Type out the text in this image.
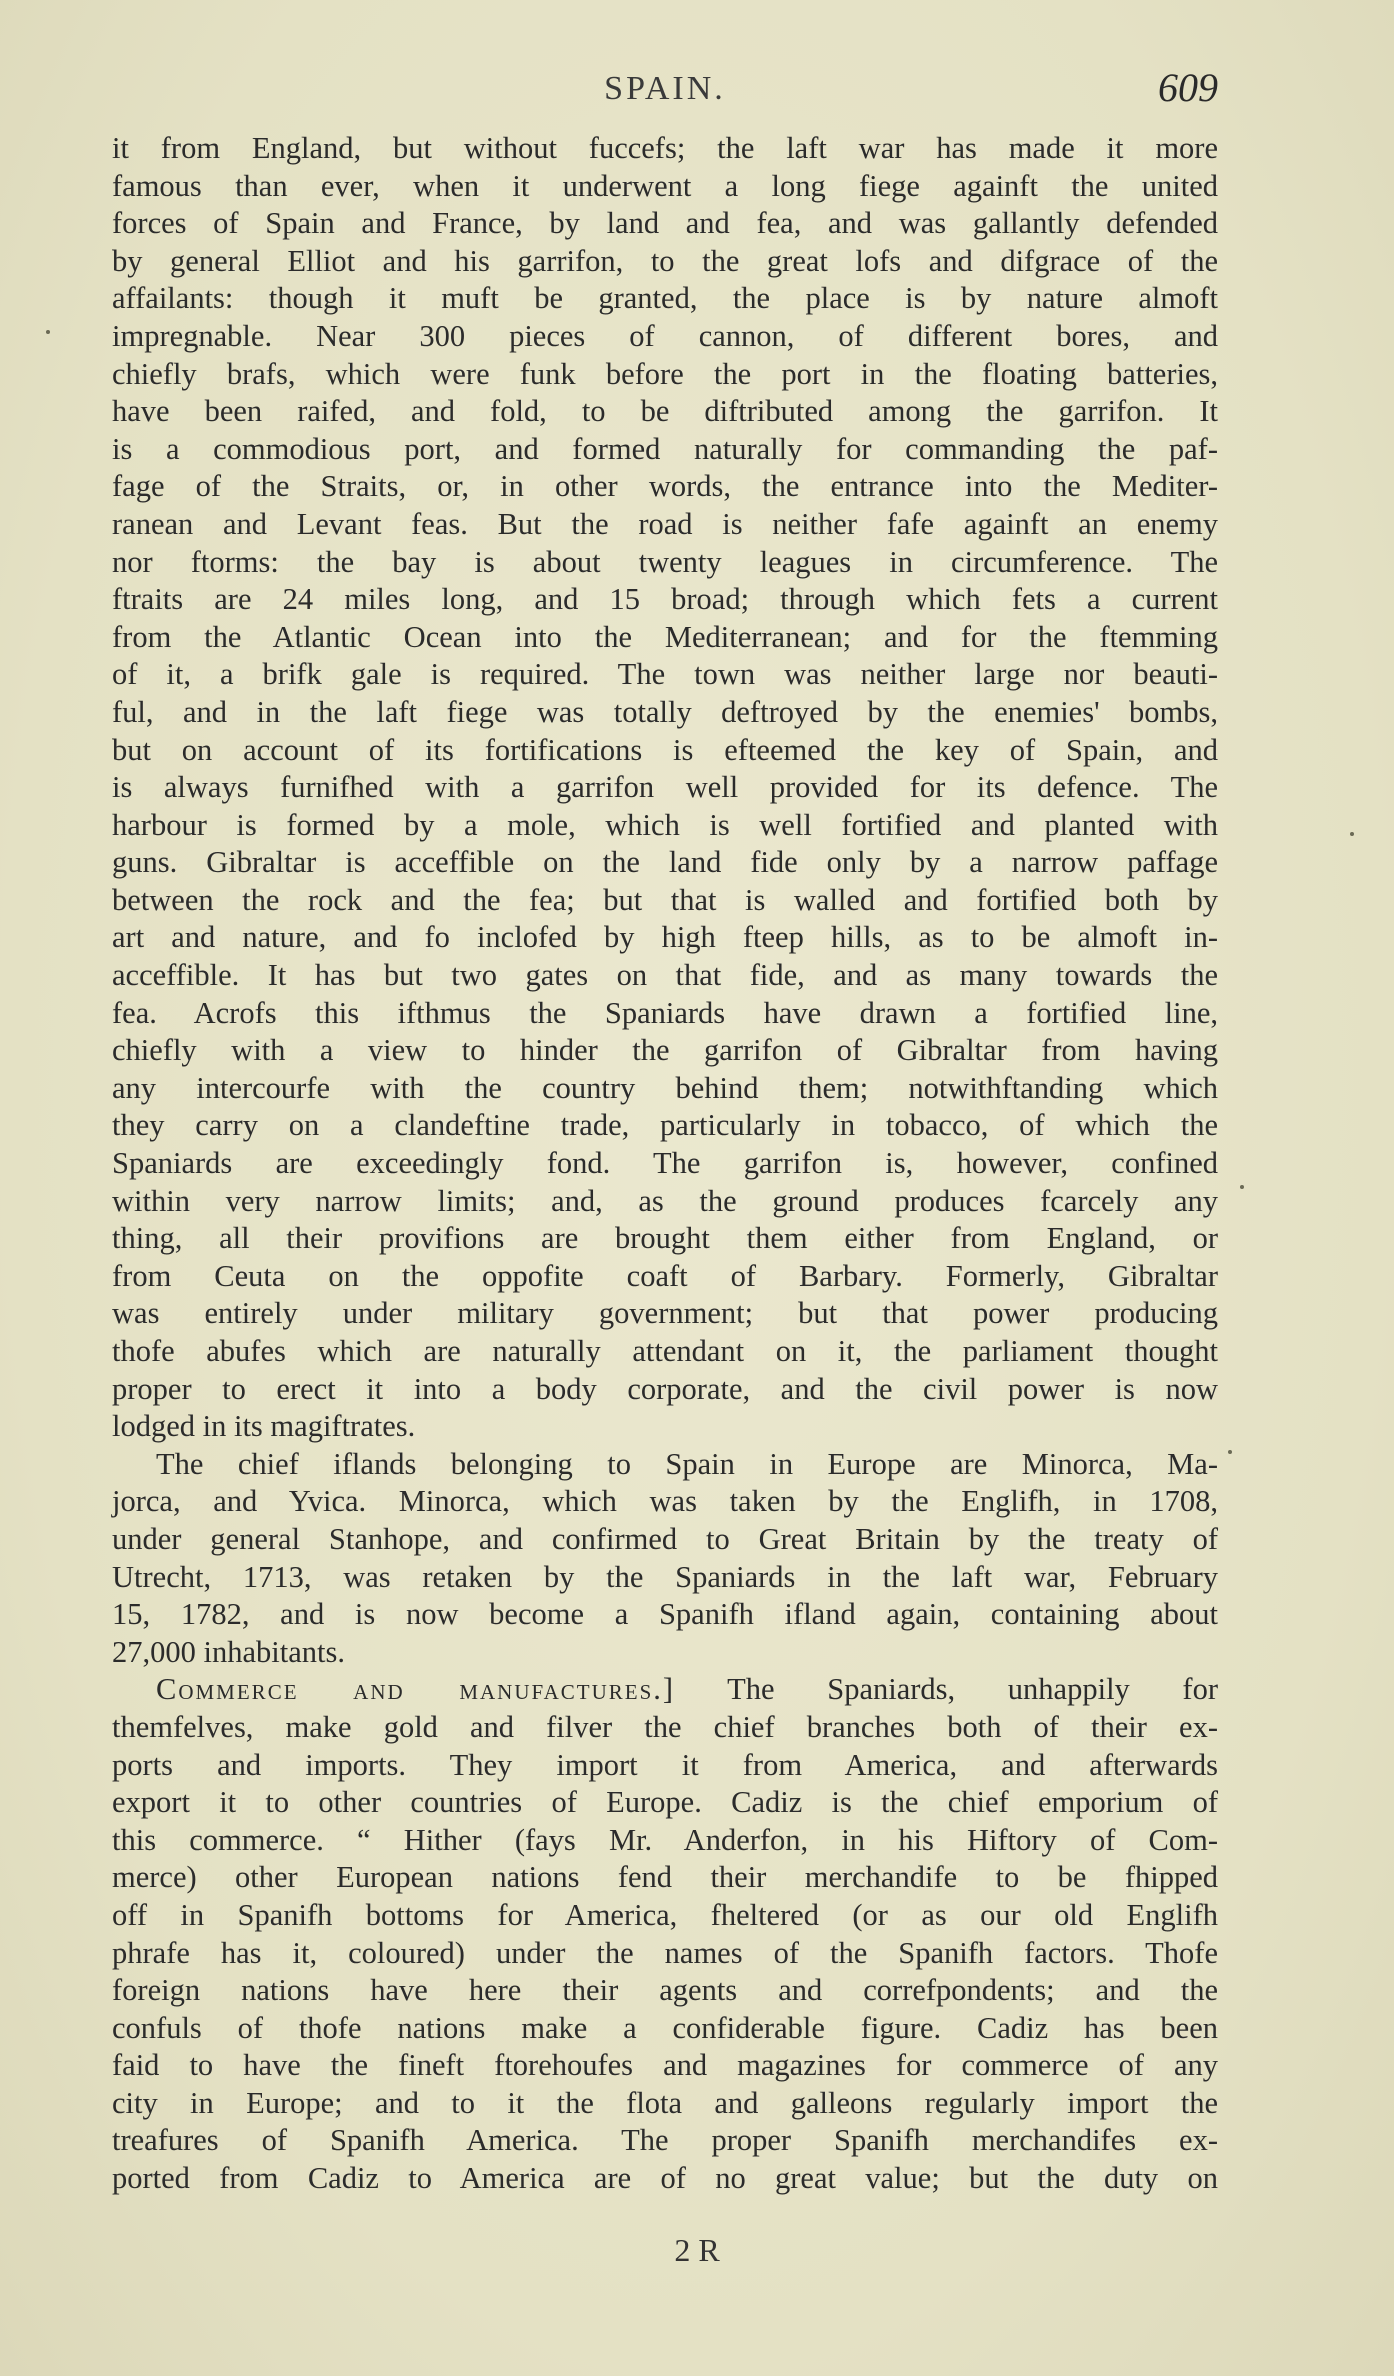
SPAIN.	609
it from England, but without fuccefs; the laft war has made it more
famous than ever, when it underwent a long fiege againft the united
forces of Spain and France, by land and fea, and was gallantly defended
by general Elliot and his garrifon, to the great lofs and difgrace of the
affailants: though it muft be granted, the place is by nature almoft
impregnable. Near 300 pieces of cannon, of different bores, and
chiefly brafs, which were funk before the port in the floating batteries,
have been raifed, and fold, to be diftributed among the garrifon. It
is a commodious port, and formed naturally for commanding the paf-
fage of the Straits, or, in other words, the entrance into the Mediter-
ranean and Levant feas. But the road is neither fafe againft an enemy
nor ftorms: the bay is about twenty leagues in circumference. The
ftraits are 24 miles long, and 15 broad; through which fets a current
from the Atlantic Ocean into the Mediterranean; and for the ftemming
of it, a brifk gale is required. The town was neither large nor beauti-
ful, and in the laft fiege was totally deftroyed by the enemies' bombs,
but on account of its fortifications is efteemed the key of Spain, and
is always furnifhed with a garrifon well provided for its defence. The
harbour is formed by a mole, which is well fortified and planted with
guns. Gibraltar is acceffible on the land fide only by a narrow paffage
between the rock and the fea; but that is walled and fortified both by
art and nature, and fo inclofed by high fteep hills, as to be almoft in-
acceffible. It has but two gates on that fide, and as many towards the
fea. Acrofs this ifthmus the Spaniards have drawn a fortified line,
chiefly with a view to hinder the garrifon of Gibraltar from having
any intercourfe with the country behind them; notwithftanding which
they carry on a clandeftine trade, particularly in tobacco, of which the
Spaniards are exceedingly fond. The garrifon is, however, confined
within very narrow limits; and, as the ground produces fcarcely any
thing, all their provifions are brought them either from England, or
from Ceuta on the oppofite coaft of Barbary. Formerly, Gibraltar
was entirely under military government; but that power producing
thofe abufes which are naturally attendant on it, the parliament thought
proper to erect it into a body corporate, and the civil power is now
lodged in its magiftrates.
The chief iflands belonging to Spain in Europe are Minorca, Ma-
jorca, and Yvica. Minorca, which was taken by the Englifh, in 1708,
under general Stanhope, and confirmed to Great Britain by the treaty of
Utrecht, 1713, was retaken by the Spaniards in the laft war, February
15, 1782, and is now become a Spanifh ifland again, containing about
27,000 inhabitants.
Commerce and manufactures.] The Spaniards, unhappily for
themfelves, make gold and filver the chief branches both of their ex-
ports and imports. They import it from America, and afterwards
export it to other countries of Europe. Cadiz is the chief emporium of
this commerce. “ Hither (fays Mr. Anderfon, in his Hiftory of Com-
merce) other European nations fend their merchandife to be fhipped
off in Spanifh bottoms for America, fheltered (or as our old Englifh
phrafe has it, coloured) under the names of the Spanifh factors. Thofe
foreign nations have here their agents and correfpondents; and the
confuls of thofe nations make a confiderable figure. Cadiz has been
faid to have the fineft ftorehoufes and magazines for commerce of any
city in Europe; and to it the flota and galleons regularly import the
treafures of Spanifh America. The proper Spanifh merchandifes ex-
ported from Cadiz to America are of no great value; but the duty on
2 R
